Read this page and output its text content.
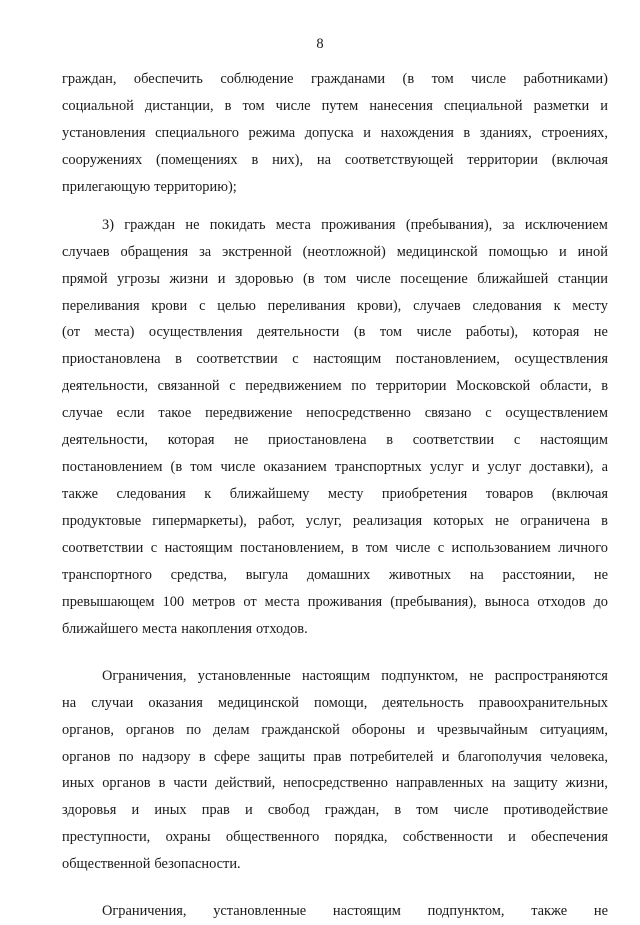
8
граждан, обеспечить соблюдение гражданами (в том числе работниками)
социальной дистанции, в том числе путем нанесения специальной разметки и
установления специального режима допуска и нахождения в зданиях, строениях,
сооружениях (помещениях в них), на соответствующей территории (включая
прилегающую территорию);
3) граждан не покидать места проживания (пребывания), за исключением
случаев обращения за экстренной (неотложной) медицинской помощью и иной
прямой угрозы жизни и здоровью (в том числе посещение ближайшей станции
переливания крови с целью переливания крови), случаев следования к месту
(от места) осуществления деятельности (в том числе работы), которая не
приостановлена в соответствии с настоящим постановлением, осуществления
деятельности, связанной с передвижением по территории Московской области, в
случае если такое передвижение непосредственно связано с осуществлением
деятельности, которая не приостановлена в соответствии с настоящим
постановлением (в том числе оказанием транспортных услуг и услуг доставки), а
также следования к ближайшему месту приобретения товаров (включая
продуктовые гипермаркеты), работ, услуг, реализация которых не ограничена в
соответствии с настоящим постановлением, в том числе с использованием личного
транспортного средства, выгула домашних животных на расстоянии, не
превышающем 100 метров от места проживания (пребывания), выноса отходов до
ближайшего места накопления отходов.
Ограничения, установленные настоящим подпунктом, не распространяются
на случаи оказания медицинской помощи, деятельность правоохранительных
органов, органов по делам гражданской обороны и чрезвычайным ситуациям,
органов по надзору в сфере защиты прав потребителей и благополучия человека,
иных органов в части действий, непосредственно направленных на защиту жизни,
здоровья и иных прав и свобод граждан, в том числе противодействие
преступности, охраны общественного порядка, собственности и обеспечения
общественной безопасности.
Ограничения, установленные настоящим подпунктом, также не
